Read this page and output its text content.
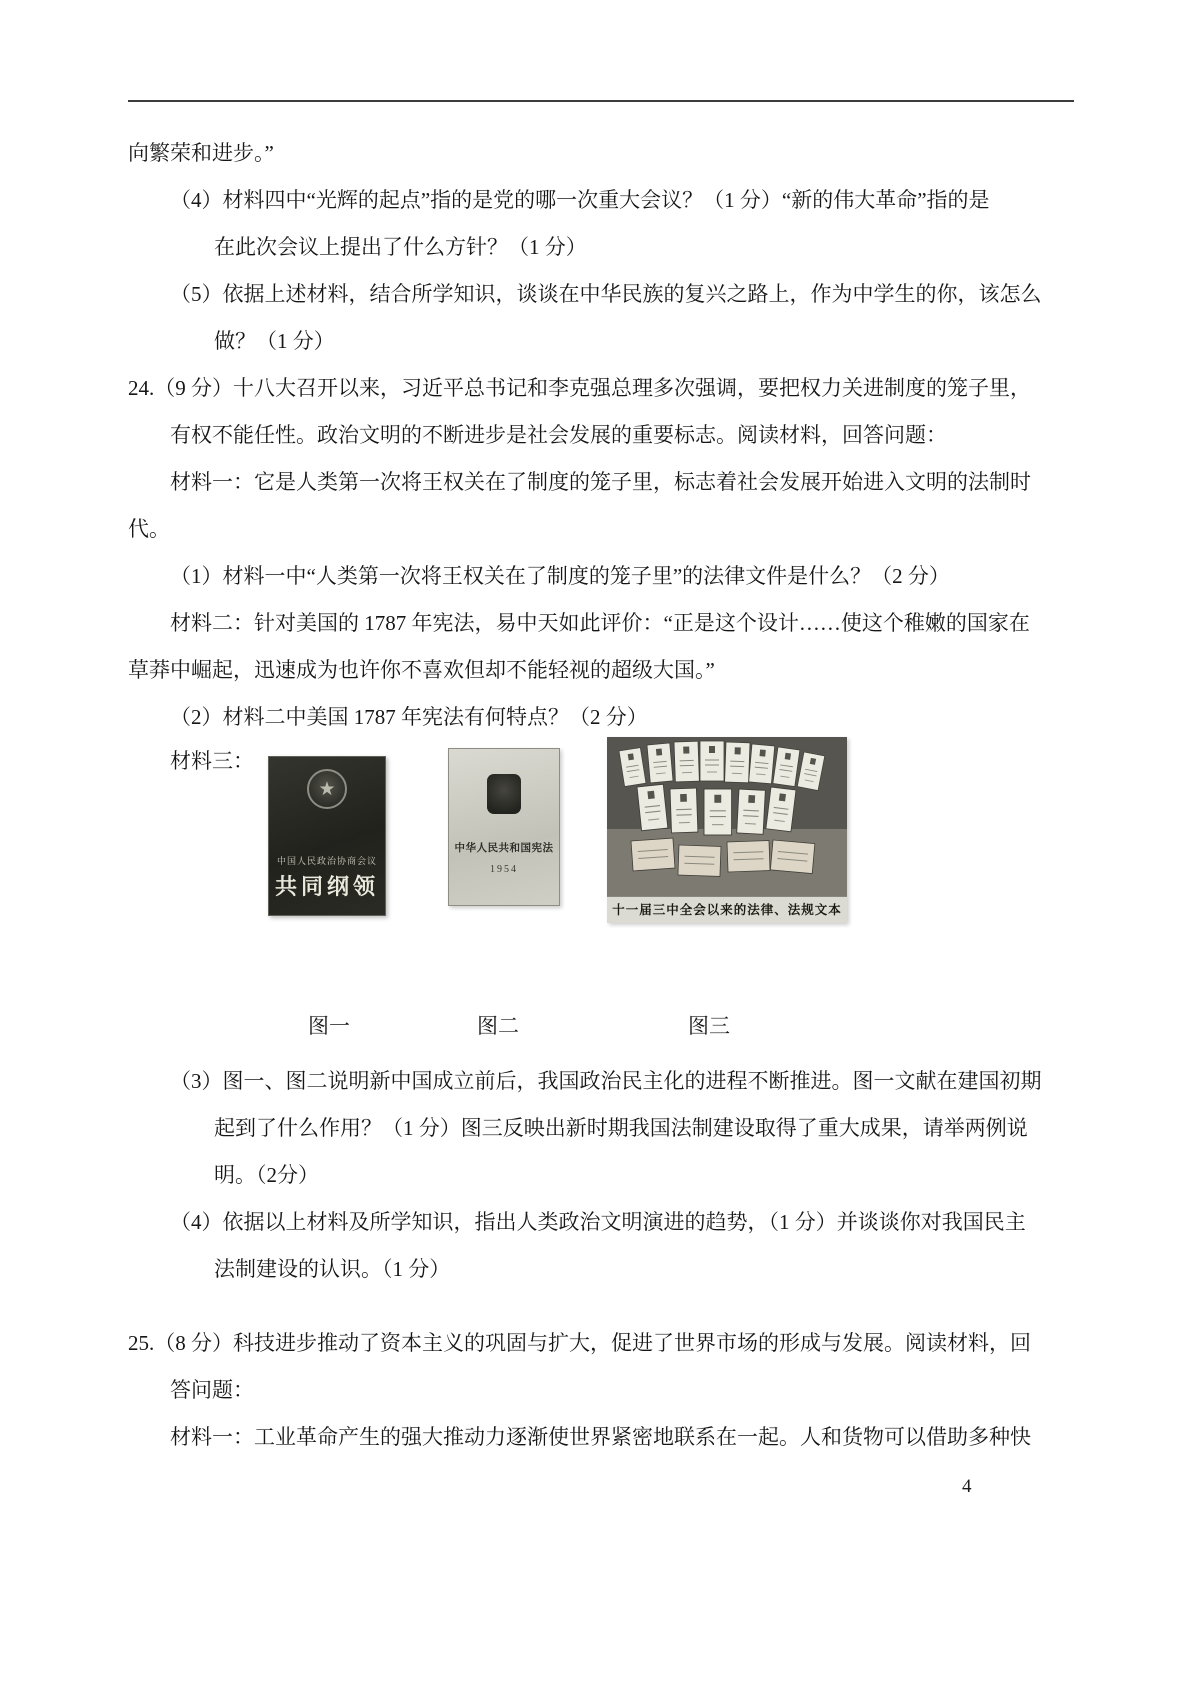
向繁荣和进步。”
（4）材料四中“光辉的起点”指的是党的哪一次重大会议？（1 分）“新的伟大革命”指的是
在此次会议上提出了什么方针？（1 分）
（5）依据上述材料，结合所学知识，谈谈在中华民族的复兴之路上，作为中学生的你，该怎么
做？（1 分）
24.（9 分）十八大召开以来，习近平总书记和李克强总理多次强调，要把权力关进制度的笼子里，
有权不能任性。政治文明的不断进步是社会发展的重要标志。阅读材料，回答问题：
材料一：它是人类第一次将王权关在了制度的笼子里，标志着社会发展开始进入文明的法制时
代。
（1）材料一中“人类第一次将王权关在了制度的笼子里”的法律文件是什么？（2 分）
材料二：针对美国的 1787 年宪法，易中天如此评价：“正是这个设计……使这个稚嫩的国家在
草莽中崛起，迅速成为也许你不喜欢但却不能轻视的超级大国。”
（2）材料二中美国 1787 年宪法有何特点？（2 分）
材料三：
★
中国人民政治协商会议
共同纲领
中华人民共和国宪法
1954
十一届三中全会以来的法律、法规文本
图一	图二	图三
（3）图一、图二说明新中国成立前后，我国政治民主化的进程不断推进。图一文献在建国初期
起到了什么作用？（1 分）图三反映出新时期我国法制建设取得了重大成果，请举两例说
明。（2分）
（4）依据以上材料及所学知识，指出人类政治文明演进的趋势，（1 分）并谈谈你对我国民主
法制建设的认识。（1 分）
25.（8 分）科技进步推动了资本主义的巩固与扩大，促进了世界市场的形成与发展。阅读材料，回
答问题：
材料一：工业革命产生的强大推动力逐渐使世界紧密地联系在一起。人和货物可以借助多种快
4
